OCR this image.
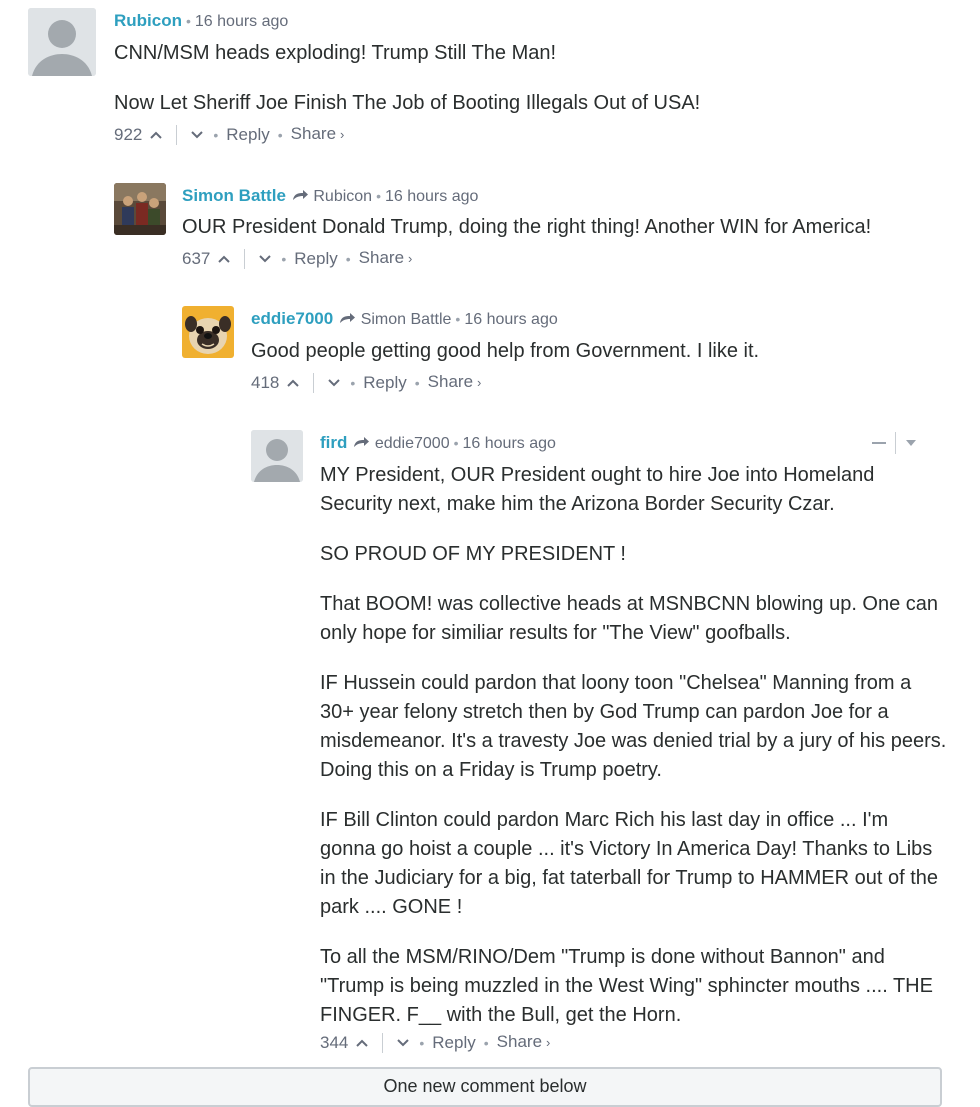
Rubicon • 16 hours ago

CNN/MSM heads exploding! Trump Still The Man!

Now Let Sheriff Joe Finish The Job of Booting Illegals Out of USA!

922	• Reply • Share ›
Simon Battle Rubicon • 16 hours ago

OUR President Donald Trump, doing the right thing! Another WIN for America!

637	• Reply • Share ›
eddie7000 Simon Battle • 16 hours ago

Good people getting good help from Government. I like it.

418	• Reply • Share ›
fird eddie7000 • 16 hours ago

MY President, OUR President ought to hire Joe into Homeland Security next, make him the Arizona Border Security Czar.

SO PROUD OF MY PRESIDENT !

That BOOM! was collective heads at MSNBCNN blowing up. One can only hope for similiar results for "The View" goofballs.

IF Hussein could pardon that loony toon "Chelsea" Manning from a 30+ year felony stretch then by God Trump can pardon Joe for a misdemeanor. It's a travesty Joe was denied trial by a jury of his peers. Doing this on a Friday is Trump poetry.

IF Bill Clinton could pardon Marc Rich his last day in office ... I'm gonna go hoist a couple ... it's Victory In America Day! Thanks to Libs in the Judiciary for a big, fat taterball for Trump to HAMMER out of the park .... GONE !

To all the MSM/RINO/Dem "Trump is done without Bannon" and "Trump is being muzzled in the West Wing" sphincter mouths .... THE FINGER. F__ with the Bull, get the Horn.

344	• Reply • Share ›
One new comment below
